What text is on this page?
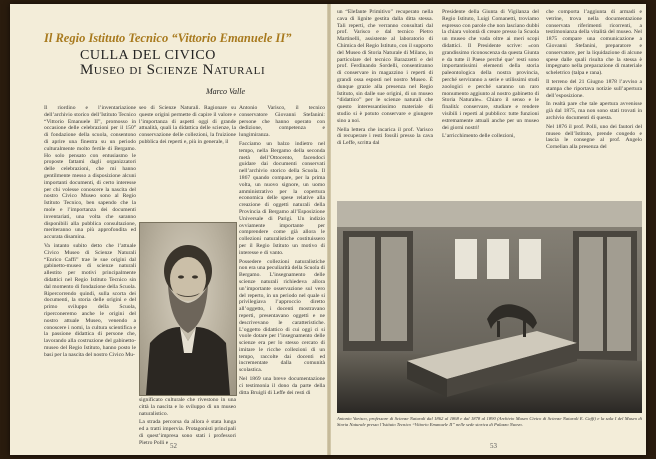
Il Regio Istituto Tecnico “Vittorio Emanuele II”
CULLA DEL CIVICO
Museo di Scienze Naturali
Marco Valle

Il riordino e l’inventariazione dell’archivio storico dell’Istituto Tecnico “Vittorio Emanuele II”, promosso in occasione delle celebrazioni per il 150° di fondazione della scuola, consentono di aprire una finestra su un periodo culturalmente molto fertile di Bergamo. Ho solo pensato con entusiasmo le proposte fattami dagli organizzatori delle celebrazioni, che mi hanno gentilmente messo a disposizione alcuni importanti documenti, di certo interesse per chi volesse conoscere la nascita del nostro Civico Museo sono al Regio Istituto Tecnico, ben sapendo che la mole e l’importanza dei documenti inventariati, una volta che saranno disponibili alla pubblica consultazione, meriteranno una più approfondita ed accurata disamina.

Va intanto subito detto che l’attuale Civico Museo di Scienze Naturali “Enrico Caffi” trae le sue origini dal gabinetto-museo di scienze naturali allestito per motivi principalmente didattici nel Regio Istituto Tecnico sin dal momento di fondazione della Scuola. Ripercorrendo quindi, sulla scorta dei documenti, la storia delle origini e del primo sviluppo della Scuola, riperconeremo anche le origini del nostro attuale Museo, venendo a conoscere i nomi, la cultura scientifica e la passione didattica di persone che, lavorando alla costruzione del gabinetto-museo del Regio Istituto, hanno posto le basi per la nascita del nostro Civico Mu-

seo di Scienze Naturali. Ragionare su queste origini permette di capire il valore e l’importanza di aspetti oggi di grande attualità, quali la didattica delle scienze, la conservazione delle collezioni, la fruizione pubblica dei reperti e, più in generale, il

significato culturale che rivestono in una città la nascita e lo sviluppo di un museo naturalistico.

La strada percorsa da allora è stata lunga ed a tratti impervia. Protagonisti principali di quest’impresa sono stati i professori Pietro Polli e

Antonio Varisco, il tecnico conservatore Giovanni Stefanini: persone che hanno operato con dedizione, competenza e lungimiranza.

Facciamo un balzo indietro nel tempo, nella Bergamo della seconda metà dell’Ottocento, facendoci guidare dai documenti conservati nell’archivio storico della Scuola. Il 1867 quando compare, per la prima volta, un nuovo signore, un uomo amministrativo per la copertura economica delle spese relative alla creazione di oggetti naturali della Provincia di Bergamo all’Esposizione Universale di Parigi. Un indizio ovviamente importante per comprendere come già allora le collezioni naturalistiche costituissero per il Regio Istituto un motivo di interesse e di vanto.

Possedere collezioni naturalistiche non era una peculiarità della Scuola di Bergamo. L’insegnamento delle scienze naturali richiedeva allora un’importante osservazione sul vero del reperto, in un periodo nel quale si privilegiava l’approccio diretto all’oggetto, i docenti mostravano reperti, presentavano oggetti e ne descrivevano le caratteristiche. L’oggetto didattico di cui oggi ci si vuole dotare per l’insegnamento delle scienze era per lo stesso cercato di imitare le ricche collezioni di un tempo, raccolte dai docenti ed incrementate dalla comunità scolastica.

Nel 1869 una breve documentazione ci testimonia il dono da parte della ditta Bruigli di Leffe dei resti di

52

un “Elefante Primitivo” recuperato nella cava di lignite gestita dalla ditta stessa. Tali reperti, che verranno consultati dal prof. Varisco e dal tecnico Pietro Martinelli, assistente al laboratorio di Chimica del Regio Istituto, con il supporto del Museo di Storia Naturale di Milano, in particolare del tecnico Barazzetti e del prof. Ferdinando Sordelli, consentiranno di conservare in magazzino i reperti di grandi ossa esposti nel nostro Museo. È dunque grazie alla presenza nel Regio Istituto, sin dalle sue origini, di un museo “didattico” per le scienze naturali che questo interessantissimo materiale di studio si è potuto conservare e giungere sino a noi.

Nella lettera che incarica il prof. Varisco di recuperare i resti fossili presso la cava di Leffe, scritta dal

Presidente della Giunta di Vigilanza del Regio Istituto, Luigi Comanetti, troviamo espresso con parole che non lasciano dubbi la chiara volontà di creare presso la Scuola un museo che vada oltre ai meri scopi didattici. Il Presidente scrive: «con grandissimo riconoscenza da questa Giunta e da tutte il Paese perché que’ resti sono importantissimi elementi della storia paleontologica della nostra provincia, perché serviranno a serie e utilissimi studi zoologici e perché saranno un raro monumento aggiunto al nostro gabinetto di Storia Naturale». Chiaro il senso e le finalità: conservare, studiare e rendere visibili i reperti al pubblico: tutte funzioni estremamente attuali anche per un museo dei giorni nostri!

L’arricchimento delle collezioni,

che comporta l’aggiunta di armadi e vetrine, trova nella documentazione conservata riferimenti ricorrenti, a testimonianza della vitalità del museo. Nel 1875 compare una comunicazione a Giovanni Stefanini, preparatore e conservatore, per la liquidazione di alcune spese dalle quali risulta che la stessa è impegnato nella preparazione di materiale scheletrico (talpa e rana).

Il terreno del 21 Giugno 1878 l’avviso a stampa che riportava notizie sull’apertura dell’esposizione.

In realtà pare che tale apertura avvenisse già dal 1875, ma non sono stati trovati in archivio documenti di questa.

Nel 1876 il prof. Polli, uno dei fautori del museo dell’Istituto, prende congedo e lascia le consegne al prof. Angelo Cornelian alla presenza del

Antonio Varisco, professore di Scienze Naturali dal 1862 al 1868 e dal 1878 al 1890 (Archivio Museo Civico di Scienze Naturali E. Caffi) e la sala I del Museo di Storia Naturale presso l’Istituto Tecnico “Vittorio Emanuele II” nelle sede storica di Palazzo Nuovo.
53
